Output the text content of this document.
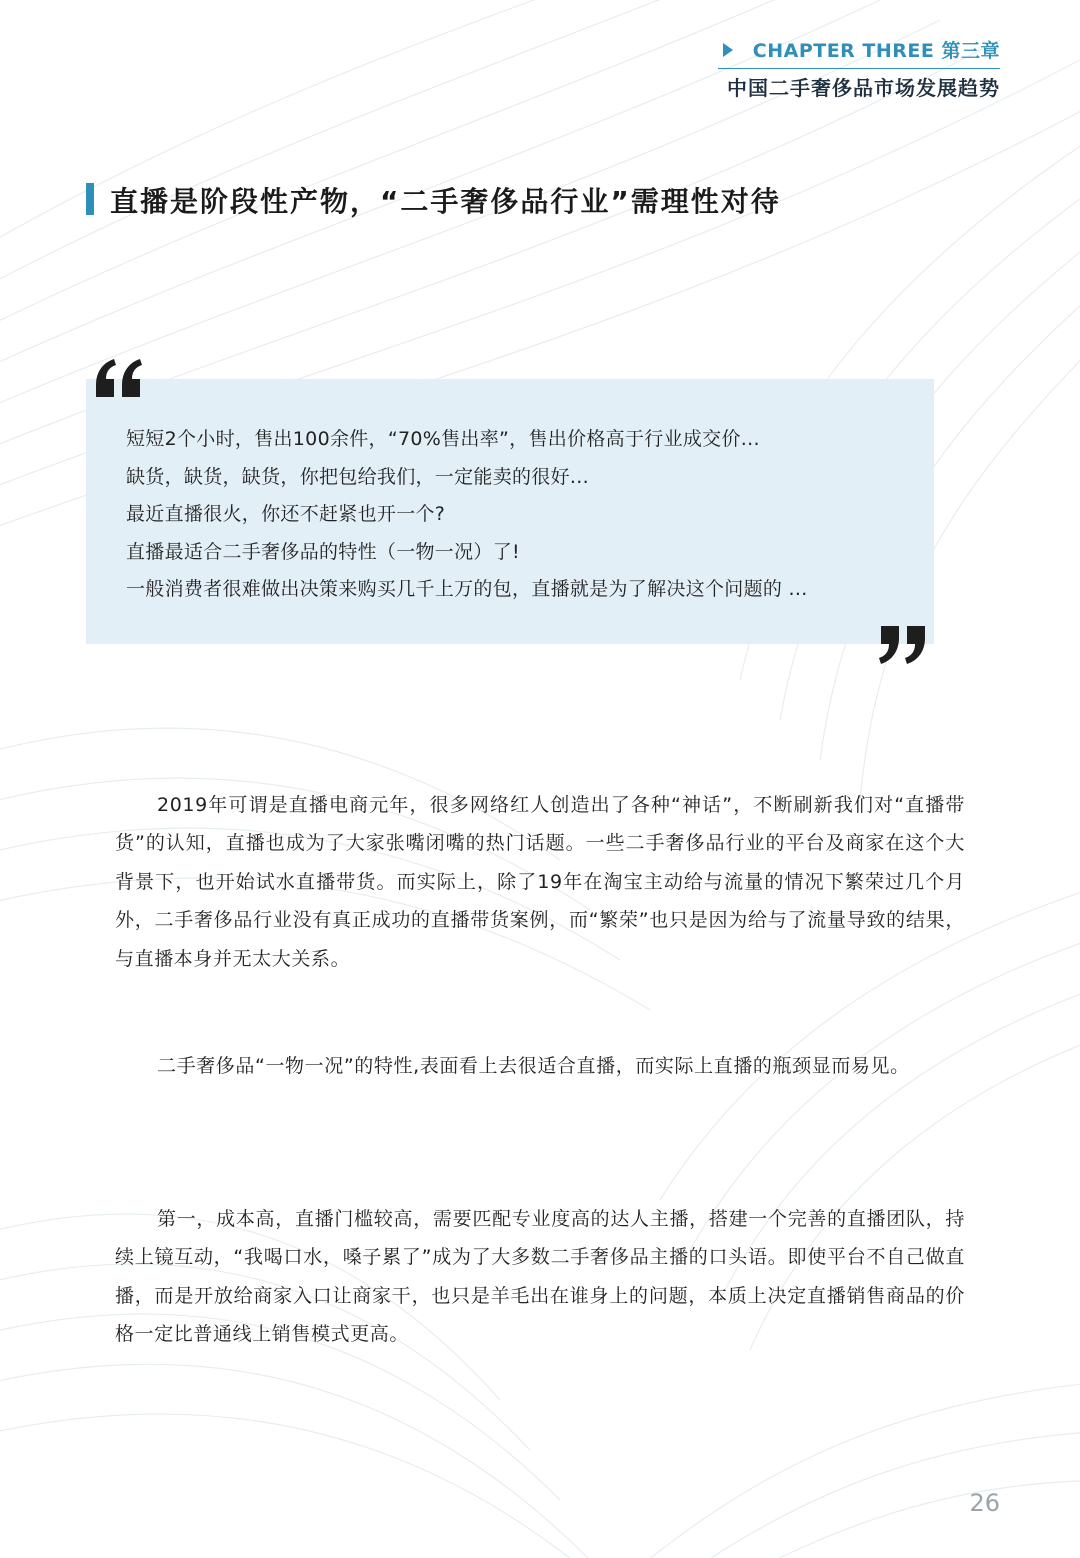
CHAPTER THREE 第三章
中国二手奢侈品市场发展趋势
直播是阶段性产物，“二手奢侈品行业”需理性对待
短短2个小时，售出100余件，“70%售出率”，售出价格高于行业成交价...
缺货，缺货，缺货，你把包给我们，一定能卖的很好...
最近直播很火，你还不赶紧也开一个?
直播最适合二手奢侈品的特性（一物一况）了!
一般消费者很难做出决策来购买几千上万的包，直播就是为了解决这个问题的 ...

2019年可谓是直播电商元年，很多网络红人创造出了各种“神话”，不断刷新我们对“直播带货”的认知，直播也成为了大家张嘴闭嘴的热门话题。一些二手奢侈品行业的平台及商家在这个大背景下，也开始试水直播带货。而实际上，除了19年在淘宝主动给与流量的情况下繁荣过几个月外，二手奢侈品行业没有真正成功的直播带货案例，而“繁荣”也只是因为给与了流量导致的结果，与直播本身并无太大关系。

二手奢侈品“一物一况”的特性,表面看上去很适合直播，而实际上直播的瓶颈显而易见。

第一，成本高，直播门槛较高，需要匹配专业度高的达人主播，搭建一个完善的直播团队，持续上镜互动，“我喝口水，嗓子累了”成为了大多数二手奢侈品主播的口头语。即使平台不自己做直播，而是开放给商家入口让商家干，也只是羊毛出在谁身上的问题，本质上决定直播销售商品的价格一定比普通线上销售模式更高。

26
